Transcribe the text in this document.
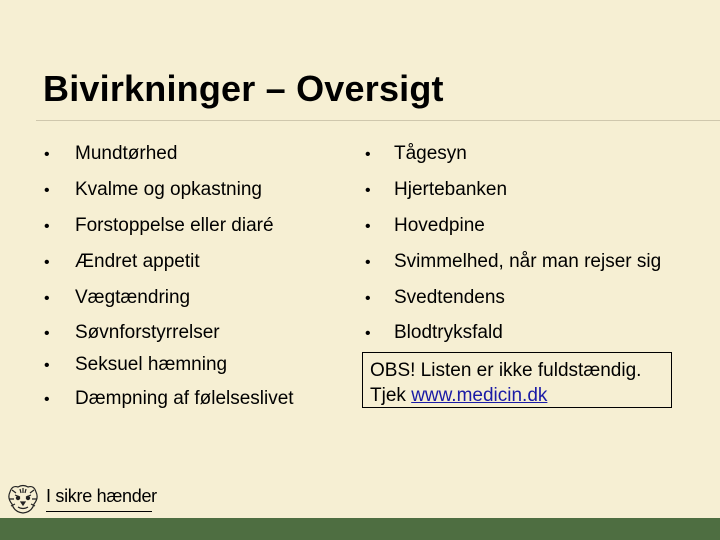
Bivirkninger – Oversigt
• Mundtørhed
• Kvalme og opkastning
• Forstoppelse eller diaré
• Ændret appetit
• Vægtændring
• Søvnforstyrrelser
• Seksuel hæmning
• Dæmpning af følelseslivet
• Tågesyn
• Hjertebanken
• Hovedpine
• Svimmelhed, når man rejser sig
• Svedtendens
• Blodtryksfald
OBS! Listen er ikke fuldstændig.
Tjek www.medicin.dk
I sikre hænder
